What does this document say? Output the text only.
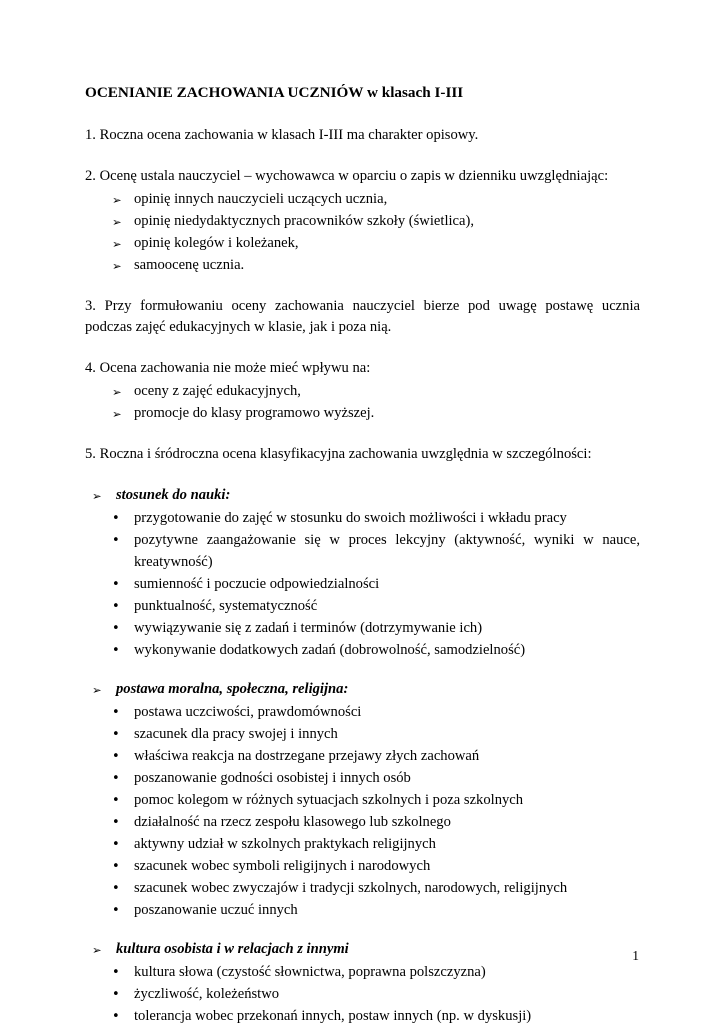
OCENIANIE ZACHOWANIA UCZNIÓW w klasach I-III

1. Roczna ocena zachowania w klasach I-III ma charakter opisowy.

2. Ocenę ustala nauczyciel – wychowawca w oparciu o zapis w dzienniku uwzględniając:

➢ opinię innych nauczycieli uczących ucznia,
➢ opinię niedydaktycznych pracowników szkoły (świetlica),
➢ opinię kolegów i koleżanek,
➢ samoocenę ucznia.

3. Przy formułowaniu oceny zachowania nauczyciel bierze pod uwagę postawę ucznia podczas zajęć edukacyjnych w klasie, jak i poza nią.

4. Ocena zachowania nie może mieć wpływu na:

➢ oceny z zajęć edukacyjnych,
➢ promocje do klasy programowo wyższej.

5. Roczna i śródroczna ocena klasyfikacyjna zachowania uwzględnia w szczególności:

➢ stosunek do nauki:
• przygotowanie do zajęć w stosunku do swoich możliwości i wkładu pracy
• pozytywne zaangażowanie się w proces lekcyjny (aktywność, wyniki w nauce, kreatywność)
• sumienność i poczucie odpowiedzialności
• punktualność, systematyczność
• wywiązywanie się z zadań i terminów (dotrzymywanie ich)
• wykonywanie dodatkowych zadań (dobrowolność, samodzielność)
➢ postawa moralna, społeczna, religijna:
• postawa uczciwości, prawdomówności
• szacunek dla pracy swojej i innych
• właściwa reakcja na dostrzegane przejawy złych zachowań
• poszanowanie godności osobistej i innych osób
• pomoc kolegom w różnych sytuacjach szkolnych i poza szkolnych
• działalność na rzecz zespołu klasowego lub szkolnego
• aktywny udział w szkolnych praktykach religijnych
• szacunek wobec symboli religijnych i narodowych
• szacunek wobec zwyczajów i tradycji szkolnych, narodowych, religijnych
• poszanowanie uczuć innych
➢ kultura osobista i w relacjach z innymi
• kultura słowa (czystość słownictwa, poprawna polszczyzna)
• życzliwość, koleżeństwo
• tolerancja wobec przekonań innych, postaw innych (np. w dyskusji)
1
